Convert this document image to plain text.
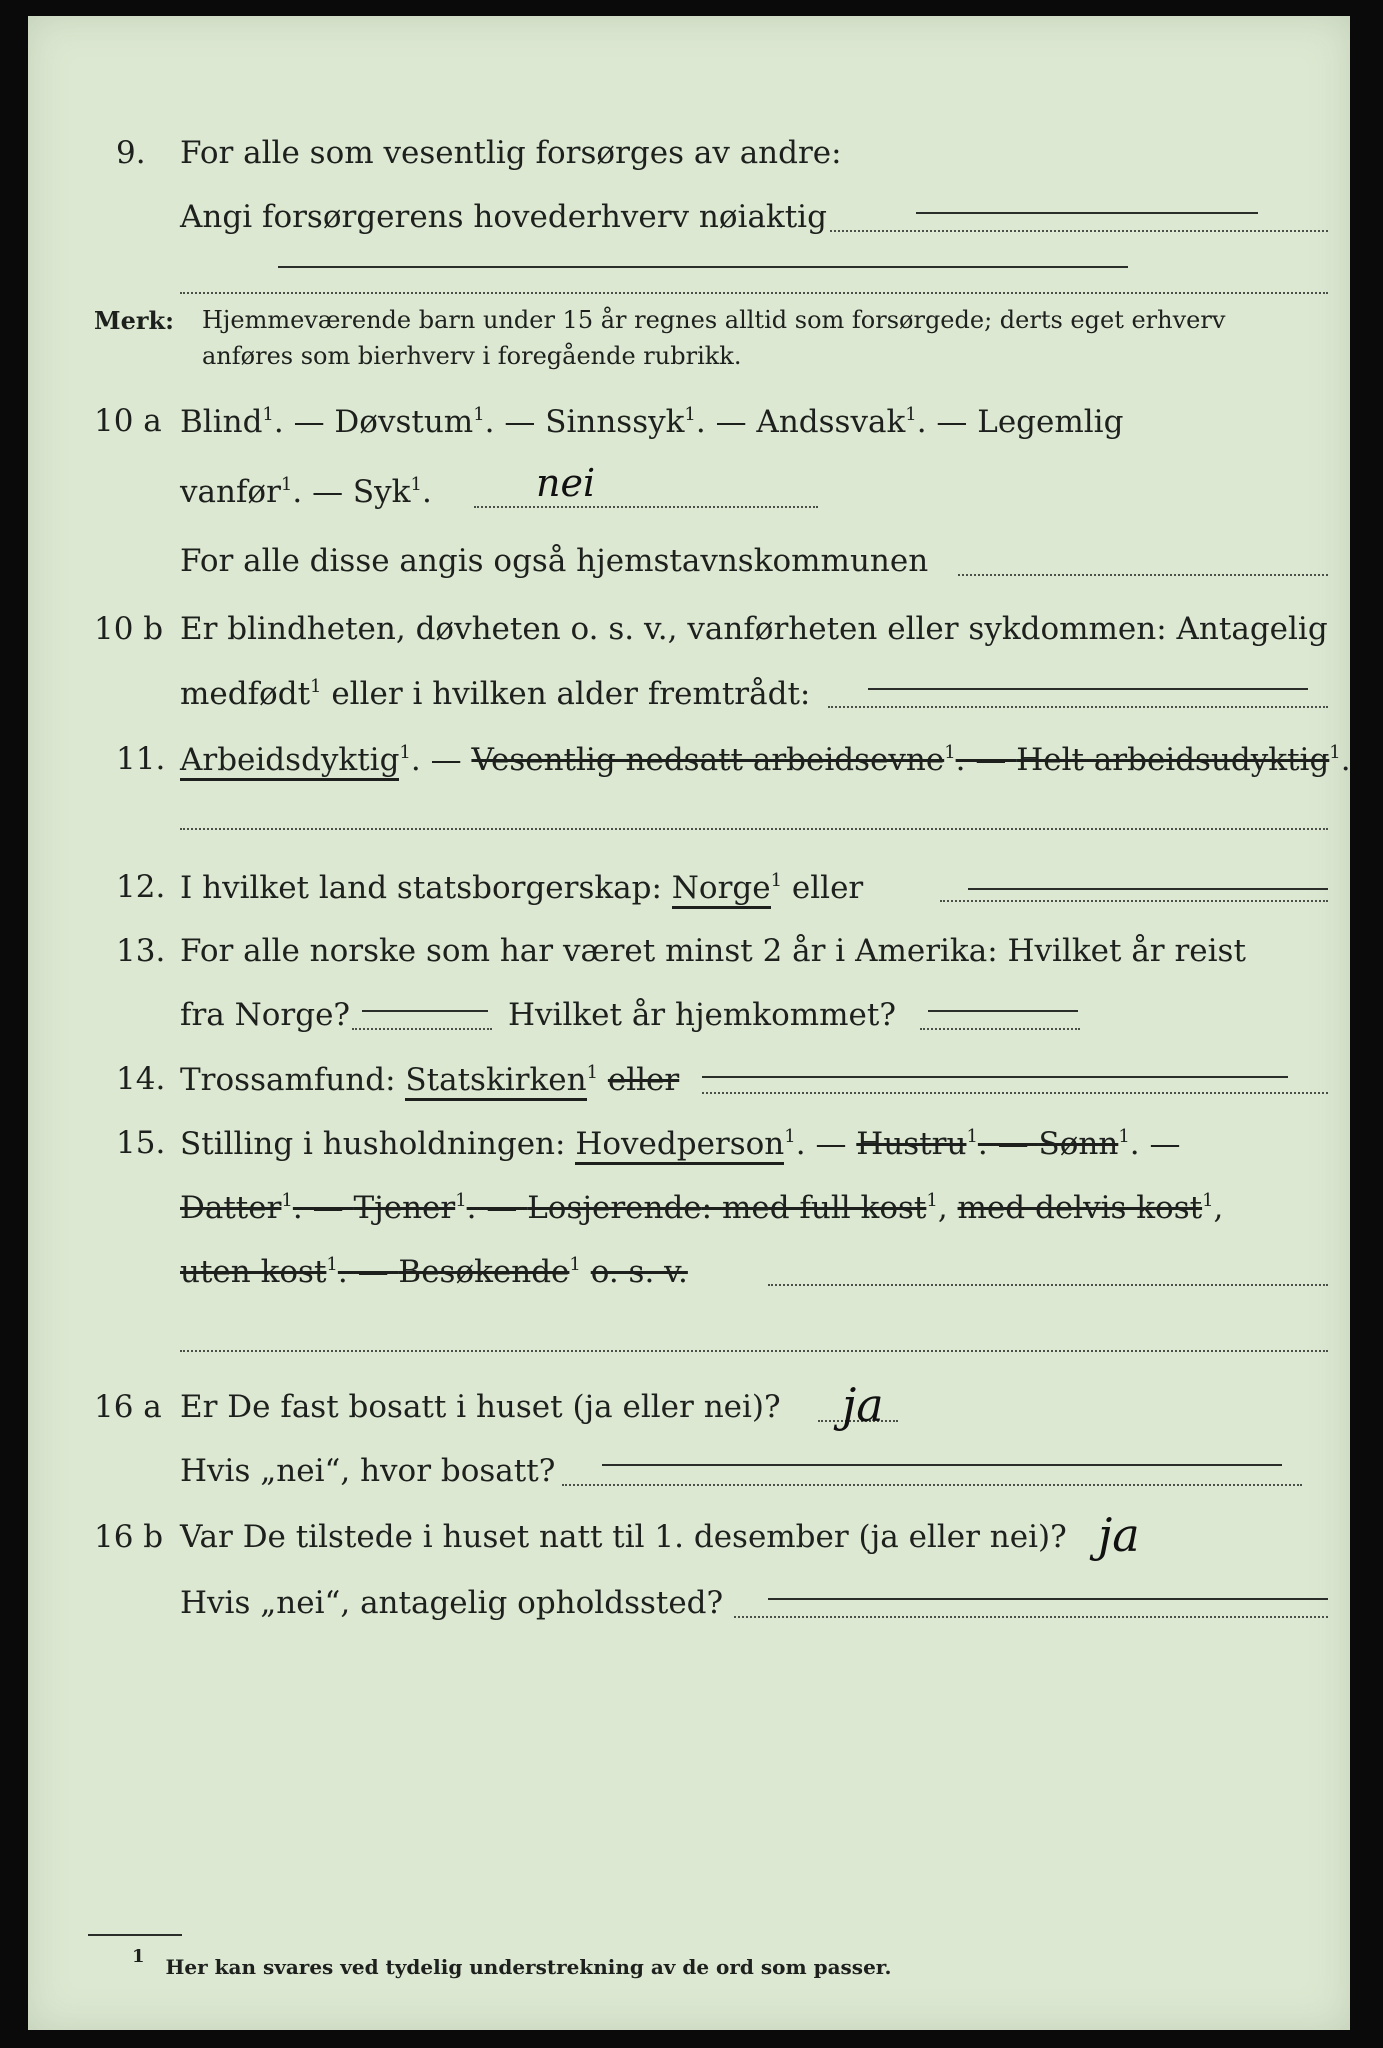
9. For alle som vesentlig forsørges av andre:
Angi forsørgerens hovederhverv nøiaktig
Merk: Hjemmeværende barn under 15 år regnes alltid som forsørgede; derts eget erhverv
anføres som bierhverv i foregående rubrikk.
10 a Blind$^1$. — Døvstum$^1$. — Sinnssyk$^1$. — Andssvak$^1$. — Legemlig
vanfør$^1$. — Syk$^1$.	nei
For alle disse angis også hjemstavnskommunen
10 b Er blindheten, døvheten o. s. v., vanførheten eller sykdommen: Antagelig
medfødt$^1$ eller i hvilken alder fremtrådt:
11. Arbeidsdyktig$^1$. — Vesentlig nedsatt arbeidsevne$^1$. — Helt arbeidsudyktig$^1$.
12. I hvilket land statsborgerskap: Norge$^1$ eller
13. For alle norske som har været minst 2 år i Amerika: Hvilket år reist
fra Norge?	Hvilket år hjemkommet?
14. Trossamfund: Statskirken$^1$ eller
15. Stilling i husholdningen: Hovedperson$^1$. — Hustru$^1$. — Sønn$^1$. —
Datter$^1$. — Tjener$^1$. — Losjerende: med full kost$^1$, med delvis kost$^1$,
uten kost$^1$. — Besøkende$^1$ o. s. v.
16 a Er De fast bosatt i huset (ja eller nei)? ja
Hvis „nei“, hvor bosatt?
16 b Var De tilstede i huset natt til 1. desember (ja eller nei)? ja
Hvis „nei“, antagelig opholdssted?
$^1$ Her kan svares ved tydelig understrekning av de ord som passer.
